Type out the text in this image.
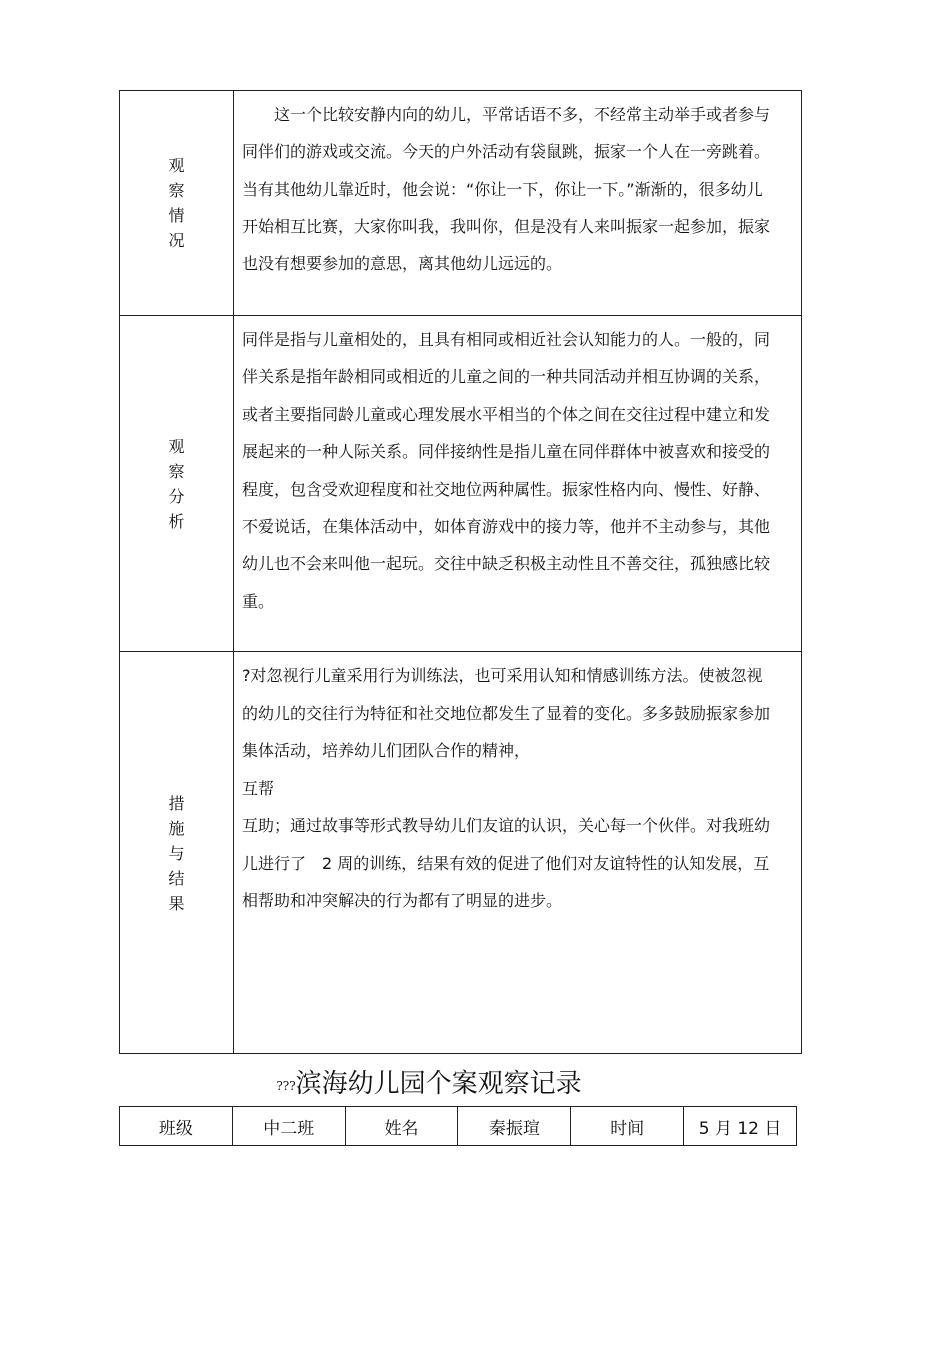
观察情况

　　这一个比较安静内向的幼儿，平常话语不多，不经常主动举手或者参与同伴们的游戏或交流。今天的户外活动有袋鼠跳，振家一个人在一旁跳着。当有其他幼儿靠近时，他会说：“你让一下，你让一下。”渐渐的，很多幼儿开始相互比赛，大家你叫我，我叫你，但是没有人来叫振家一起参加，振家也没有想要参加的意思，离其他幼儿远远的。

观察分析

同伴是指与儿童相处的，且具有相同或相近社会认知能力的人。一般的，同伴关系是指年龄相同或相近的儿童之间的一种共同活动并相互协调的关系，或者主要指同龄儿童或心理发展水平相当的个体之间在交往过程中建立和发展起来的一种人际关系。同伴接纳性是指儿童在同伴群体中被喜欢和接受的程度，包含受欢迎程度和社交地位两种属性。振家性格内向、慢性、好静、不爱说话，在集体活动中，如体育游戏中的接力等，他并不主动参与，其他幼儿也不会来叫他一起玩。交往中缺乏积极主动性且不善交往，孤独感比较重。

措施与结果

?对忽视行儿童采用行为训练法，也可采用认知和情感训练方法。使被忽视的幼儿的交往行为特征和社交地位都发生了显着的变化。多多鼓励振家参加集体活动，培养幼儿们团队合作的精神，
互帮
互助；通过故事等形式教导幼儿们友谊的认识，关心每一个伙伴。对我班幼儿进行了　2 周的训练，结果有效的促进了他们对友谊特性的认知发展，互相帮助和冲突解决的行为都有了明显的进步。

???滨海幼儿园个案观察记录
班级	中二班	姓名	秦振瑄	时间	5 月 12 日
